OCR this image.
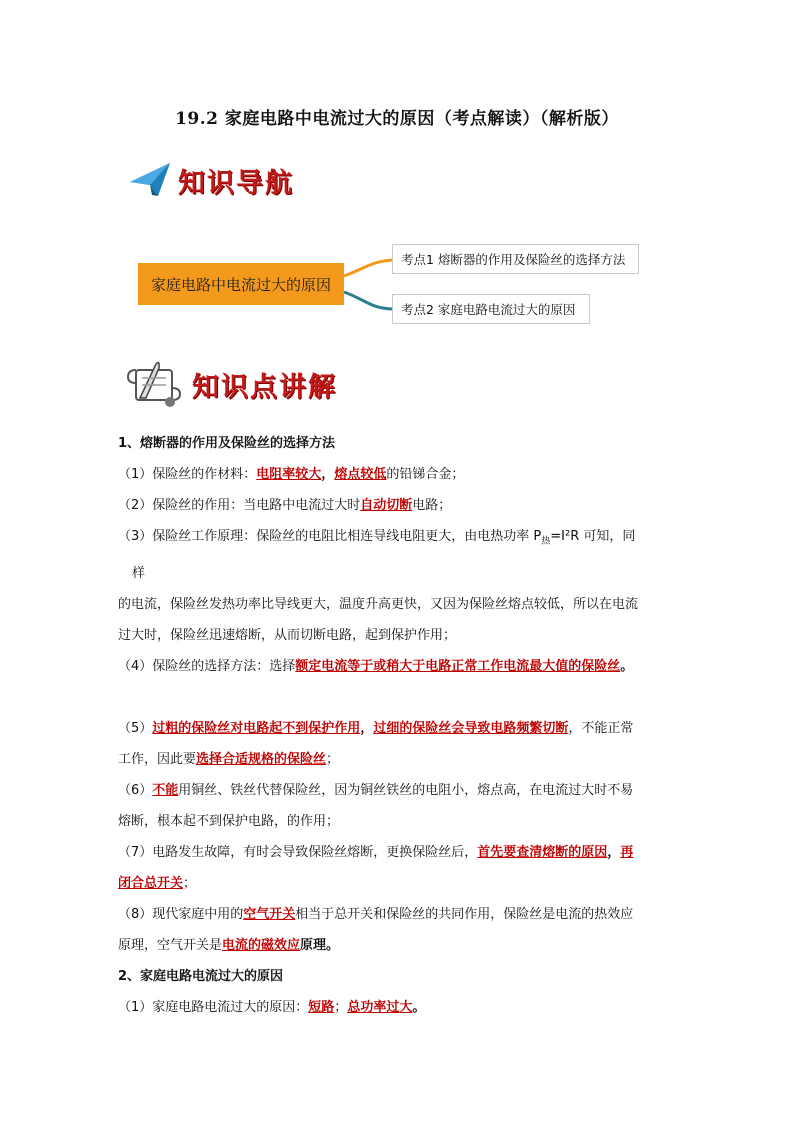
19.2 家庭电路中电流过大的原因（考点解读）（解析版）
知识导航
家庭电路中电流过大的原因
考点1 熔断器的作用及保险丝的选择方法
考点2 家庭电路电流过大的原因
知识点讲解

1、熔断器的作用及保险丝的选择方法

（1）保险丝的作材料：电阻率较大，熔点较低的铅锑合金；

（2）保险丝的作用：当电路中电流过大时自动切断电路；

（3）保险丝工作原理：保险丝的电阻比相连导线电阻更大，由电热功率 $P_热=I^2R$ 可知，同

样

的电流，保险丝发热功率比导线更大，温度升高更快，又因为保险丝熔点较低，所以在电流

过大时，保险丝迅速熔断，从而切断电路，起到保护作用；

（4）保险丝的选择方法：选择额定电流等于或稍大于电路正常工作电流最大值的保险丝。

（5）过粗的保险丝对电路起不到保护作用，过细的保险丝会导致电路频繁切断，不能正常

工作，因此要选择合适规格的保险丝；

（6）不能用铜丝、铁丝代替保险丝，因为铜丝铁丝的电阻小，熔点高，在电流过大时不易

熔断，根本起不到保护电路，的作用；

（7）电路发生故障，有时会导致保险丝熔断，更换保险丝后，首先要查清熔断的原因，再

闭合总开关；

（8）现代家庭中用的空气开关相当于总开关和保险丝的共同作用，保险丝是电流的热效应

原理，空气开关是电流的磁效应原理。

2、家庭电路电流过大的原因

（1）家庭电路电流过大的原因：短路；总功率过大。
